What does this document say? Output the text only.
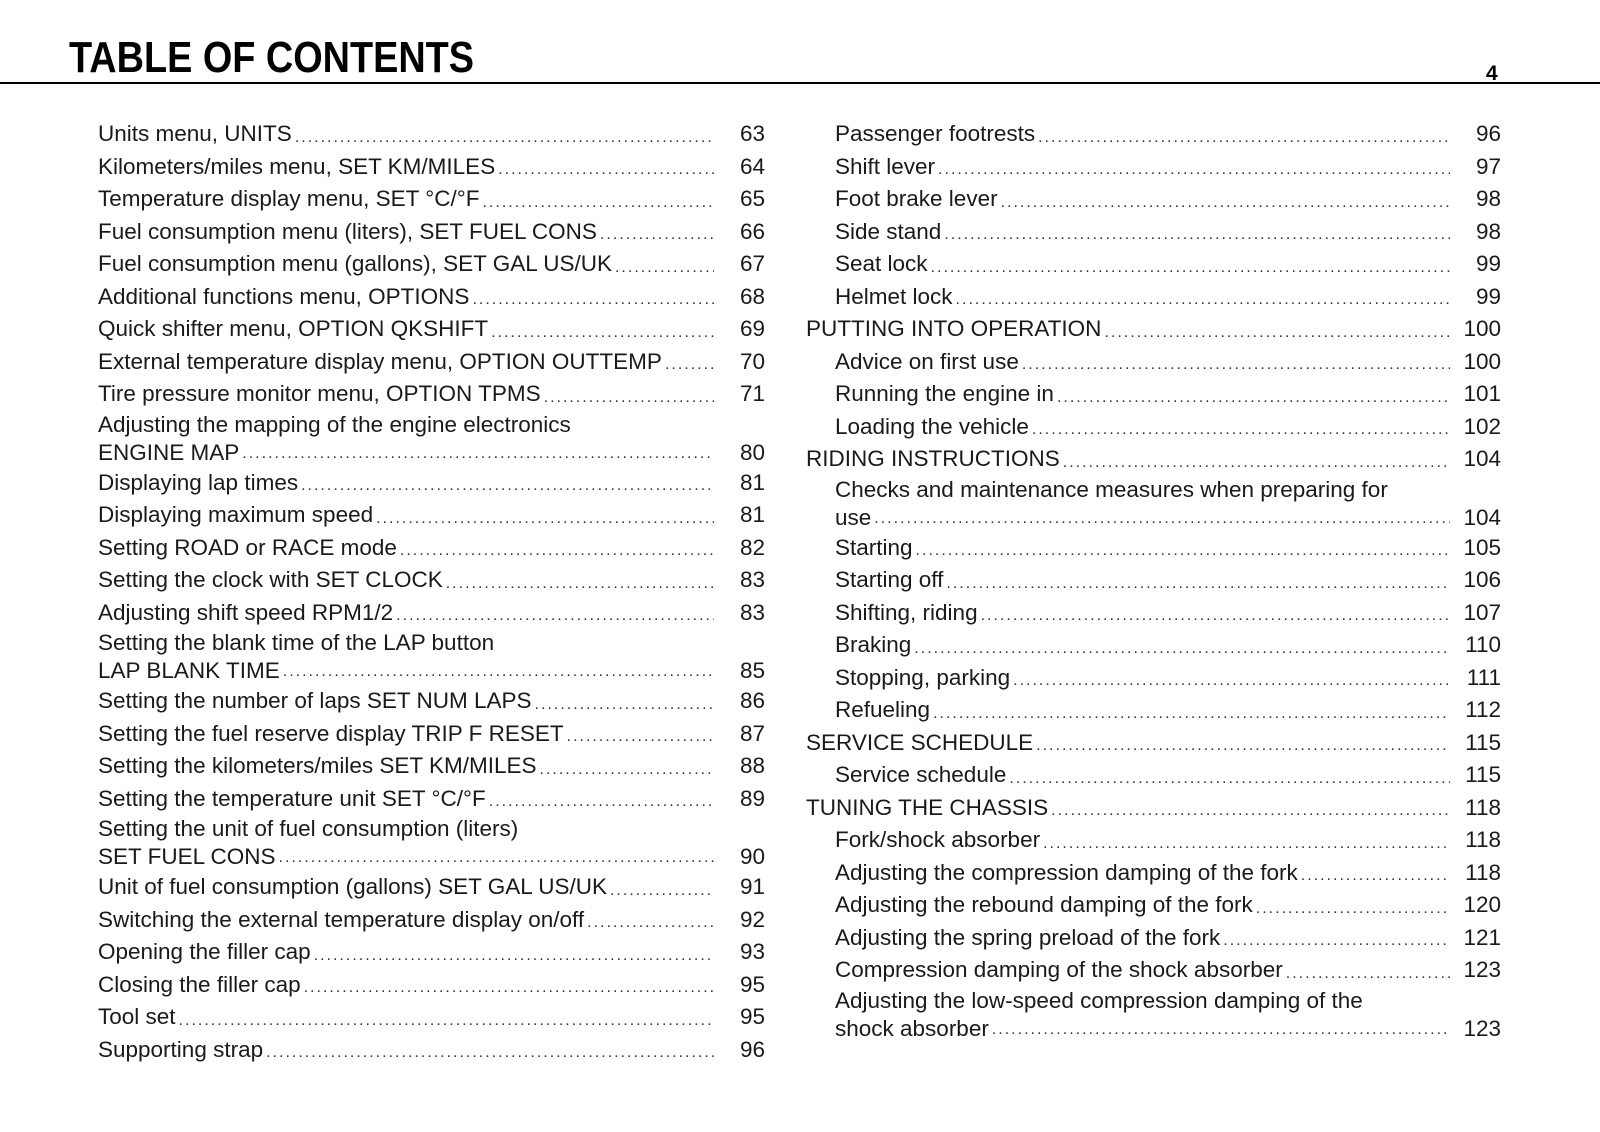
TABLE OF CONTENTS	4
Units menu, UNITS .....	63
Kilometers/miles menu, SET KM/MILES .....	64
Temperature display menu, SET °C/°F .....	65
Fuel consumption menu (liters), SET FUEL CONS .....	66
Fuel consumption menu (gallons), SET GAL US/UK .....	67
Additional functions menu, OPTIONS .....	68
Quick shifter menu, OPTION QKSHIFT .....	69
External temperature display menu, OPTION OUTTEMP .....	70
Tire pressure monitor menu, OPTION TPMS .....	71
Adjusting the mapping of the engine electronics
ENGINE MAP .....	80
Displaying lap times .....	81
Displaying maximum speed .....	81
Setting ROAD or RACE mode .....	82
Setting the clock with SET CLOCK .....	83
Adjusting shift speed RPM1/2 .....	83
Setting the blank time of the LAP button
LAP BLANK TIME .....	85
Setting the number of laps SET NUM LAPS .....	86
Setting the fuel reserve display TRIP F RESET .....	87
Setting the kilometers/miles SET KM/MILES .....	88
Setting the temperature unit SET °C/°F .....	89
Setting the unit of fuel consumption (liters)
SET FUEL CONS .....	90
Unit of fuel consumption (gallons) SET GAL US/UK .....	91
Switching the external temperature display on/off .....	92
Opening the filler cap .....	93
Closing the filler cap .....	95
Tool set .....	95
Supporting strap .....	96
Passenger footrests .....	96
Shift lever .....	97
Foot brake lever .....	98
Side stand .....	98
Seat lock .....	99
Helmet lock .....	99
PUTTING INTO OPERATION .....	100
Advice on first use .....	100
Running the engine in .....	101
Loading the vehicle .....	102
RIDING INSTRUCTIONS .....	104
Checks and maintenance measures when preparing for
use .....	104
Starting .....	105
Starting off .....	106
Shifting, riding .....	107
Braking .....	110
Stopping, parking .....	111
Refueling .....	112
SERVICE SCHEDULE .....	115
Service schedule .....	115
TUNING THE CHASSIS .....	118
Fork/shock absorber .....	118
Adjusting the compression damping of the fork .....	118
Adjusting the rebound damping of the fork .....	120
Adjusting the spring preload of the fork .....	121
Compression damping of the shock absorber .....	123
Adjusting the low-speed compression damping of the
shock absorber .....	123
